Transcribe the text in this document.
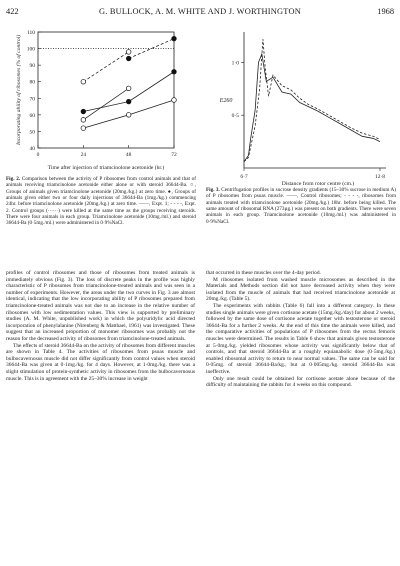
422	G. BULLOCK, A. M. WHITE AND J. WORTHINGTON	1968
40
50
60
70
80
90
100
110
0	24	48	72
Time after injection of triamcinolone acetonide (hr.)
Incorporating ability of ribosomes (% of control)
Fig. 2. Comparison between the activity of P ribosomes from control animals and that of animals receiving triamcinolone acetonide either alone or with steroid 36644-Ba. ○, Groups of animals given triamcinolone acetonide (20mg./kg.) at zero time. ●, Groups of animals given either two or four daily injections of 36644-Ba (1mg./kg.) commencing 24hr. before triamcinolone acetonide (20mg./kg.) at zero time. ——, Expt. 1; - - - -, Expt. 2. Control groups (······) were killed at the same time as the groups receiving steroids. There were four animals in each group. Triamcinolone acetonide (10mg./ml.) and steroid 36644-Ba (0·5mg./ml.) were administered in 0·9%NaCl.
0·5
1·0
6·7	12·8
E260
Distance from rotor centre (cm.)
Fig. 3. Centrifugation profiles in sucrose density gradients (15–30% sucrose in medium A) of P ribosomes from psoas muscle. ——, Control ribosomes; - - - -, ribosomes from animals treated with triamcinolone acetonide (20mg./kg.) 18hr. before being killed. The same amount of ribosomal RNA (273µg.) was present on both gradients. There were seven animals in each group. Triamcinolone acetonide (10mg./ml.) was administered in 0·9%NaCl.

profiles of control ribosomes and those of ribosomes from treated animals is immediately obvious (Fig. 3). The loss of discrete peaks in the profile was highly characteristic of P ribosomes from triamcinolone-treated animals and was seen in a number of experiments. However, the areas under the two curves in Fig. 3 are almost identical, indicating that the low incorporating ability of P ribosomes prepared from triamcinolone-treated animals was not due to an increase in the relative number of ribosomes with low sedimentation values. This view is supported by preliminary studies (A. M. White, unpublished work) in which the polyuridylic acid directed incorporation of phenylalanine (Nirenberg & Matthaei, 1961) was investigated. These suggest that an increased proportion of monomer ribosomes was probably not the reason for the decreased activity of ribosomes from triamcinolone-treated animals.

The effects of steroid 36644-Ba on the activity of ribosomes from different muscles are shown in Table 4. The activities of ribosomes from psoas muscle and bulbocavernosus muscle did not differ significantly from control values when steroid 36644-Ba was given at 0·1mg./kg. for 4 days. However, at 1·0mg./kg. there was a slight stimulation of protein-synthetic activity in ribosomes from the bulbocavernosus muscle. This is in agreement with the 25–30% increase in weight

that occurred in these muscles over the 4-day period.

M ribosomes isolated from washed muscle microsomes as described in the Materials and Methods section did not have decreased activity when they were isolated from the muscle of animals that had received triamcinolone acetonide at 20mg./kg. (Table 5).

The experiments with rabbits (Table 6) fall into a different category. In these studies single animals were given cortisone acetate (15mg./kg./day) for about 2 weeks, followed by the same dose of cortisone acetate together with testosterone or steroid 36644-Ba for a further 2 weeks. At the end of this time the animals were killed, and the comparative activities of populations of P ribosomes from the rectus femoris muscles were determined. The results in Table 6 show that animals given testosterone at 5·0mg./kg. yielded ribosomes whose activity was significantly below that of controls, and that steroid 36644-Ba at a roughly equianabolic dose (0·5mg./kg.) enabled ribosomal activity to return to near normal values. The same can be said for 0·05mg. of steroid 36644-Ba/kg., but at 0·005mg./kg. steroid 36644-Ba was ineffective.

Only one result could be obtained for cortisone acetate alone because of the difficulty of maintaining the rabbits for 4 weeks on this compound.
